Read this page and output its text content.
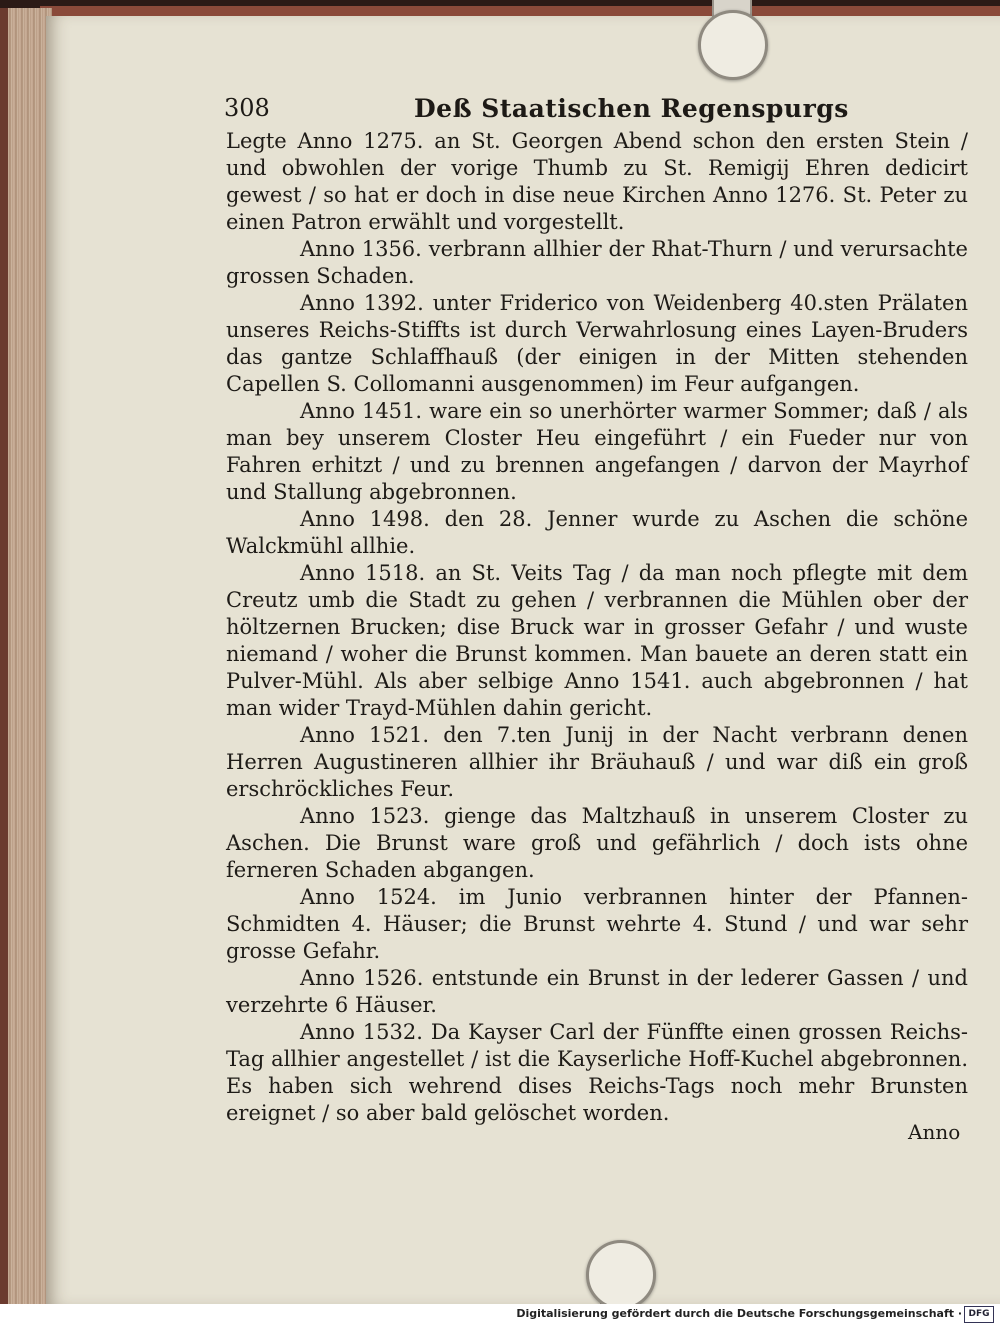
308	Deß Staatischen Regenspurgs

Legte Anno 1275. an St. Georgen Abend schon den ersten Stein / und obwohlen der vorige Thumb zu St. Remigij Ehren dedicirt gewest / so hat er doch in dise neue Kirchen Anno 1276. St. Peter zu einen Patron erwählt und vorgestellt.

Anno 1356. verbrann allhier der Rhat-Thurn / und verursachte grossen Schaden.

Anno 1392. unter Friderico von Weidenberg 40.sten Prälaten unseres Reichs-Stiffts ist durch Verwahrlosung eines Layen-Bruders das gantze Schlaffhauß (der einigen in der Mitten stehenden Capellen S. Collomanni ausgenommen) im Feur aufgangen.

Anno 1451. ware ein so unerhörter warmer Sommer; daß / als man bey unserem Closter Heu eingeführt / ein Fueder nur von Fahren erhitzt / und zu brennen angefangen / darvon der Mayrhof und Stallung abgebronnen.

Anno 1498. den 28. Jenner wurde zu Aschen die schöne Walckmühl allhie.

Anno 1518. an St. Veits Tag / da man noch pflegte mit dem Creutz umb die Stadt zu gehen / verbrannen die Mühlen ober der höltzernen Brucken; dise Bruck war in grosser Gefahr / und wuste niemand / woher die Brunst kommen. Man bauete an deren statt ein Pulver-Mühl. Als aber selbige Anno 1541. auch abgebronnen / hat man wider Trayd-Mühlen dahin gericht.

Anno 1521. den 7.ten Junij in der Nacht verbrann denen Herren Augustineren allhier ihr Bräuhauß / und war diß ein groß erschröckliches Feur.

Anno 1523. gienge das Maltzhauß in unserem Closter zu Aschen. Die Brunst ware groß und gefährlich / doch ists ohne ferneren Schaden abgangen.

Anno 1524. im Junio verbrannen hinter der Pfannen-Schmidten 4. Häuser; die Brunst wehrte 4. Stund / und war sehr grosse Gefahr.

Anno 1526. entstunde ein Brunst in der lederer Gassen / und verzehrte 6 Häuser.

Anno 1532. Da Kayser Carl der Fünffte einen grossen Reichs-Tag allhier angestellet / ist die Kayserliche Hoff-Kuchel abgebronnen. Es haben sich wehrend dises Reichs-Tags noch mehr Brunsten ereignet / so aber bald gelöschet worden.

Anno
Digitalisierung gefördert durch die Deutsche Forschungsgemeinschaft · DFG
